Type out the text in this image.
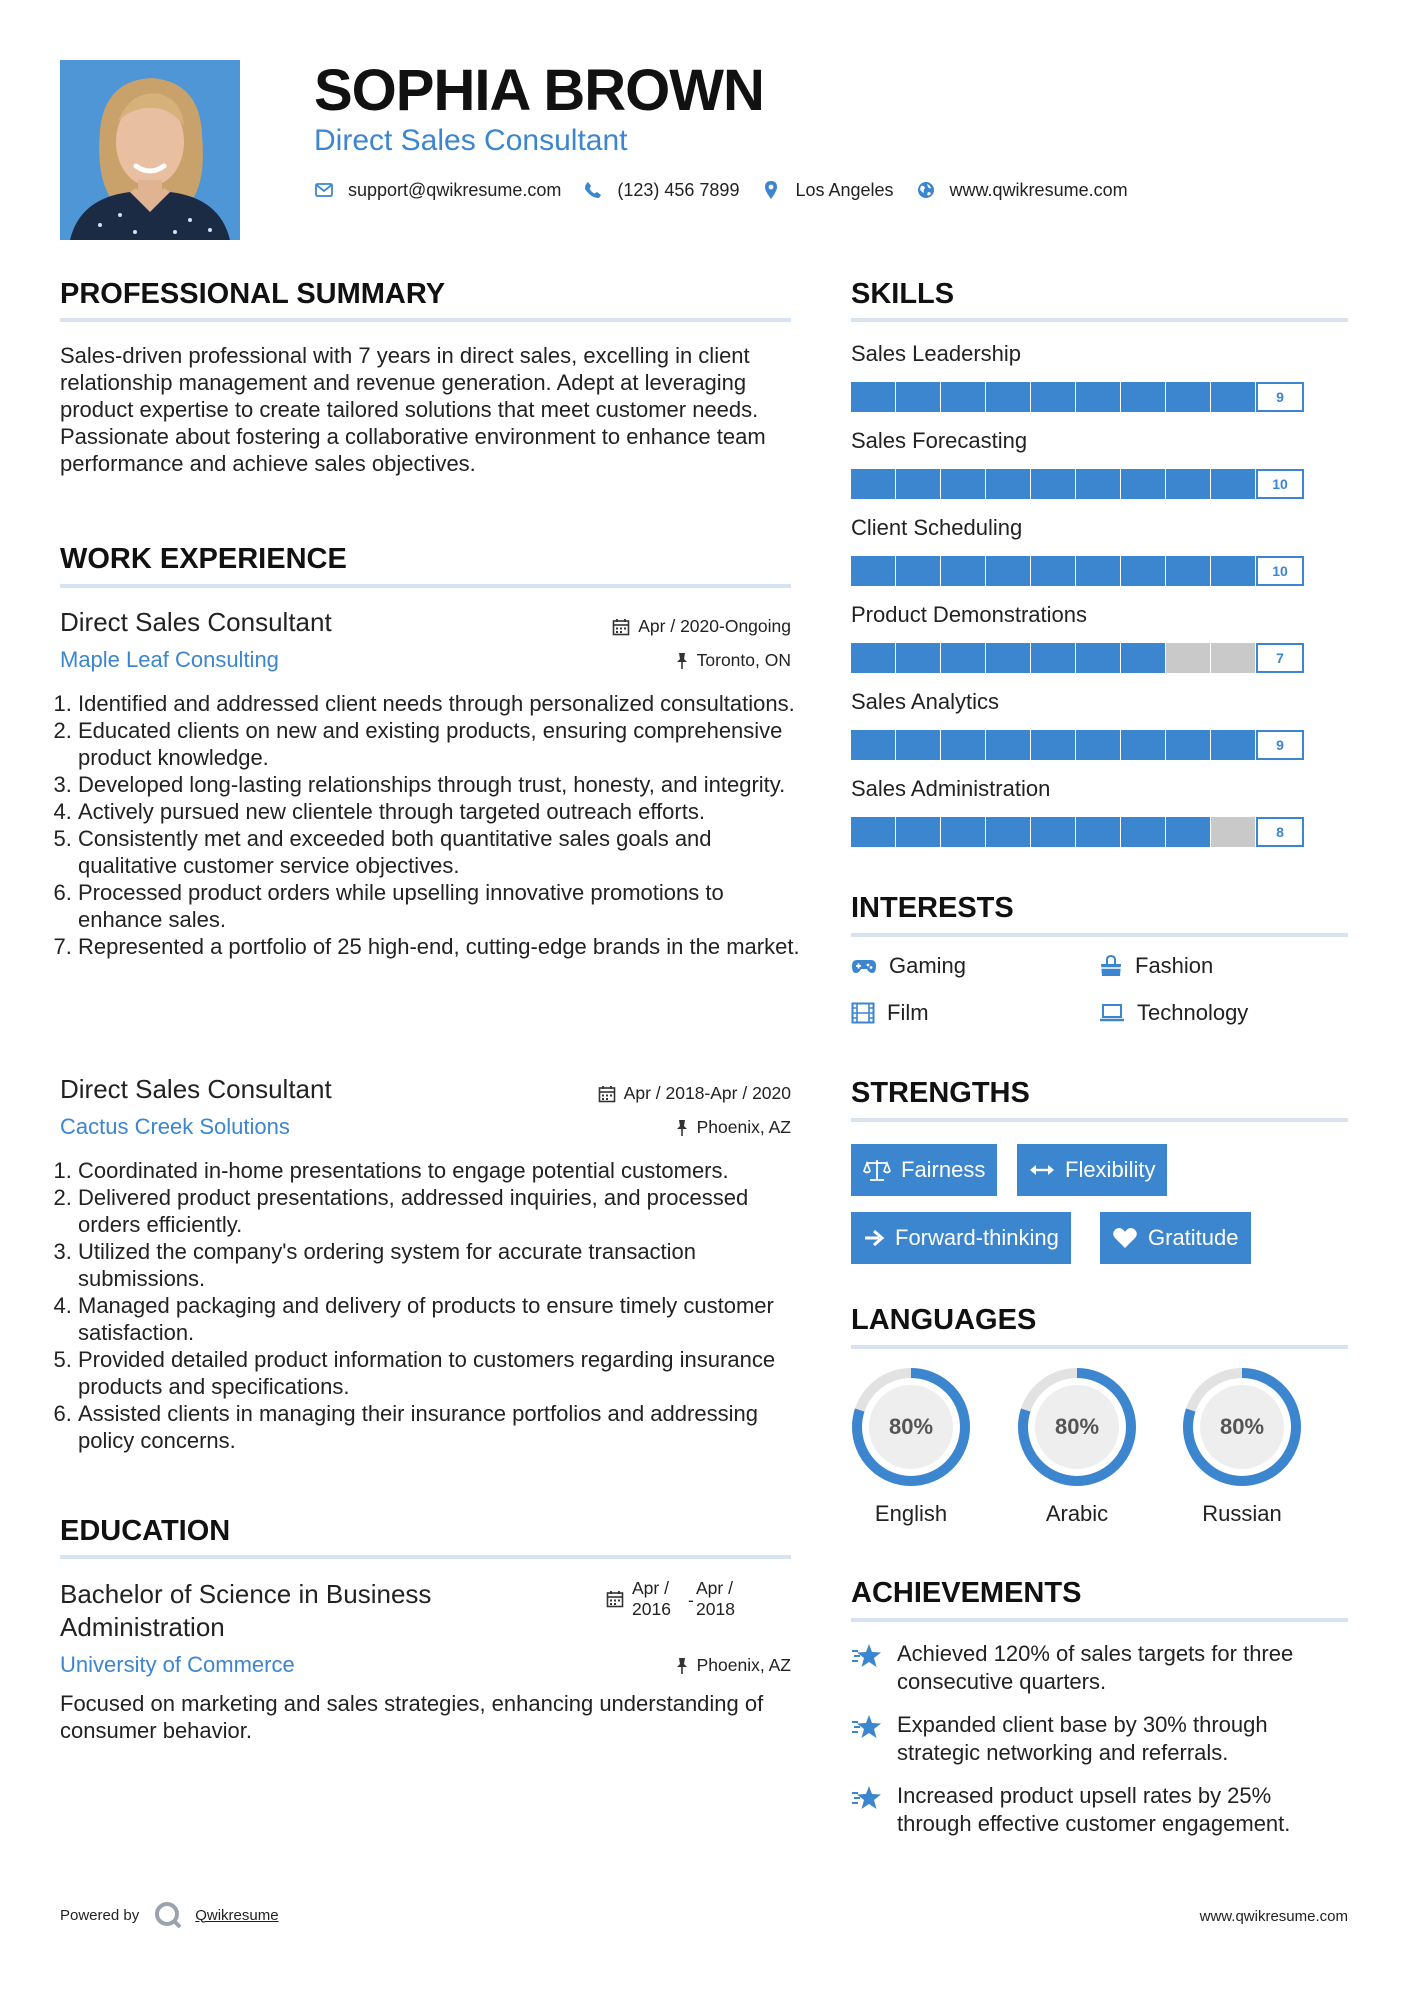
SOPHIA BROWN
Direct Sales Consultant
support@qwikresume.com	(123) 456 7899	Los Angeles	www.qwikresume.com
PROFESSIONAL SUMMARY
Sales-driven professional with 7 years in direct sales, excelling in client relationship management and revenue generation. Adept at leveraging product expertise to create tailored solutions that meet customer needs. Passionate about fostering a collaborative environment to enhance team performance and achieve sales objectives.
WORK EXPERIENCE
Direct Sales Consultant	Apr / 2020-Ongoing
Maple Leaf Consulting	Toronto, ON
1. Identified and addressed client needs through personalized consultations.
2. Educated clients on new and existing products, ensuring comprehensive product knowledge.
3. Developed long-lasting relationships through trust, honesty, and integrity.
4. Actively pursued new clientele through targeted outreach efforts.
5. Consistently met and exceeded both quantitative sales goals and qualitative customer service objectives.
6. Processed product orders while upselling innovative promotions to enhance sales.
7. Represented a portfolio of 25 high-end, cutting-edge brands in the market.
Direct Sales Consultant	Apr / 2018-Apr / 2020
Cactus Creek Solutions	Phoenix, AZ
1. Coordinated in-home presentations to engage potential customers.
2. Delivered product presentations, addressed inquiries, and processed orders efficiently.
3. Utilized the company's ordering system for accurate transaction submissions.
4. Managed packaging and delivery of products to ensure timely customer satisfaction.
5. Provided detailed product information to customers regarding insurance products and specifications.
6. Assisted clients in managing their insurance portfolios and addressing policy concerns.
EDUCATION
Bachelor of Science in Business Administration
Apr / 2016 -
Apr / 2018
University of Commerce	Phoenix, AZ
Focused on marketing and sales strategies, enhancing understanding of consumer behavior.
SKILLS
Sales Leadership
9
Sales Forecasting
10
Client Scheduling
10
Product Demonstrations
7
Sales Analytics
9
Sales Administration
8
INTERESTS
Gaming	Fashion
Film	Technology
STRENGTHS
Fairness	Flexibility
Forward-thinking	Gratitude
LANGUAGES
80%
English
80%
Arabic
80%
Russian
ACHIEVEMENTS
Achieved 120% of sales targets for three consecutive quarters.
Expanded client base by 30% through strategic networking and referrals.
Increased product upsell rates by 25% through effective customer engagement.
Powered by	Qwikresume	www.qwikresume.com
